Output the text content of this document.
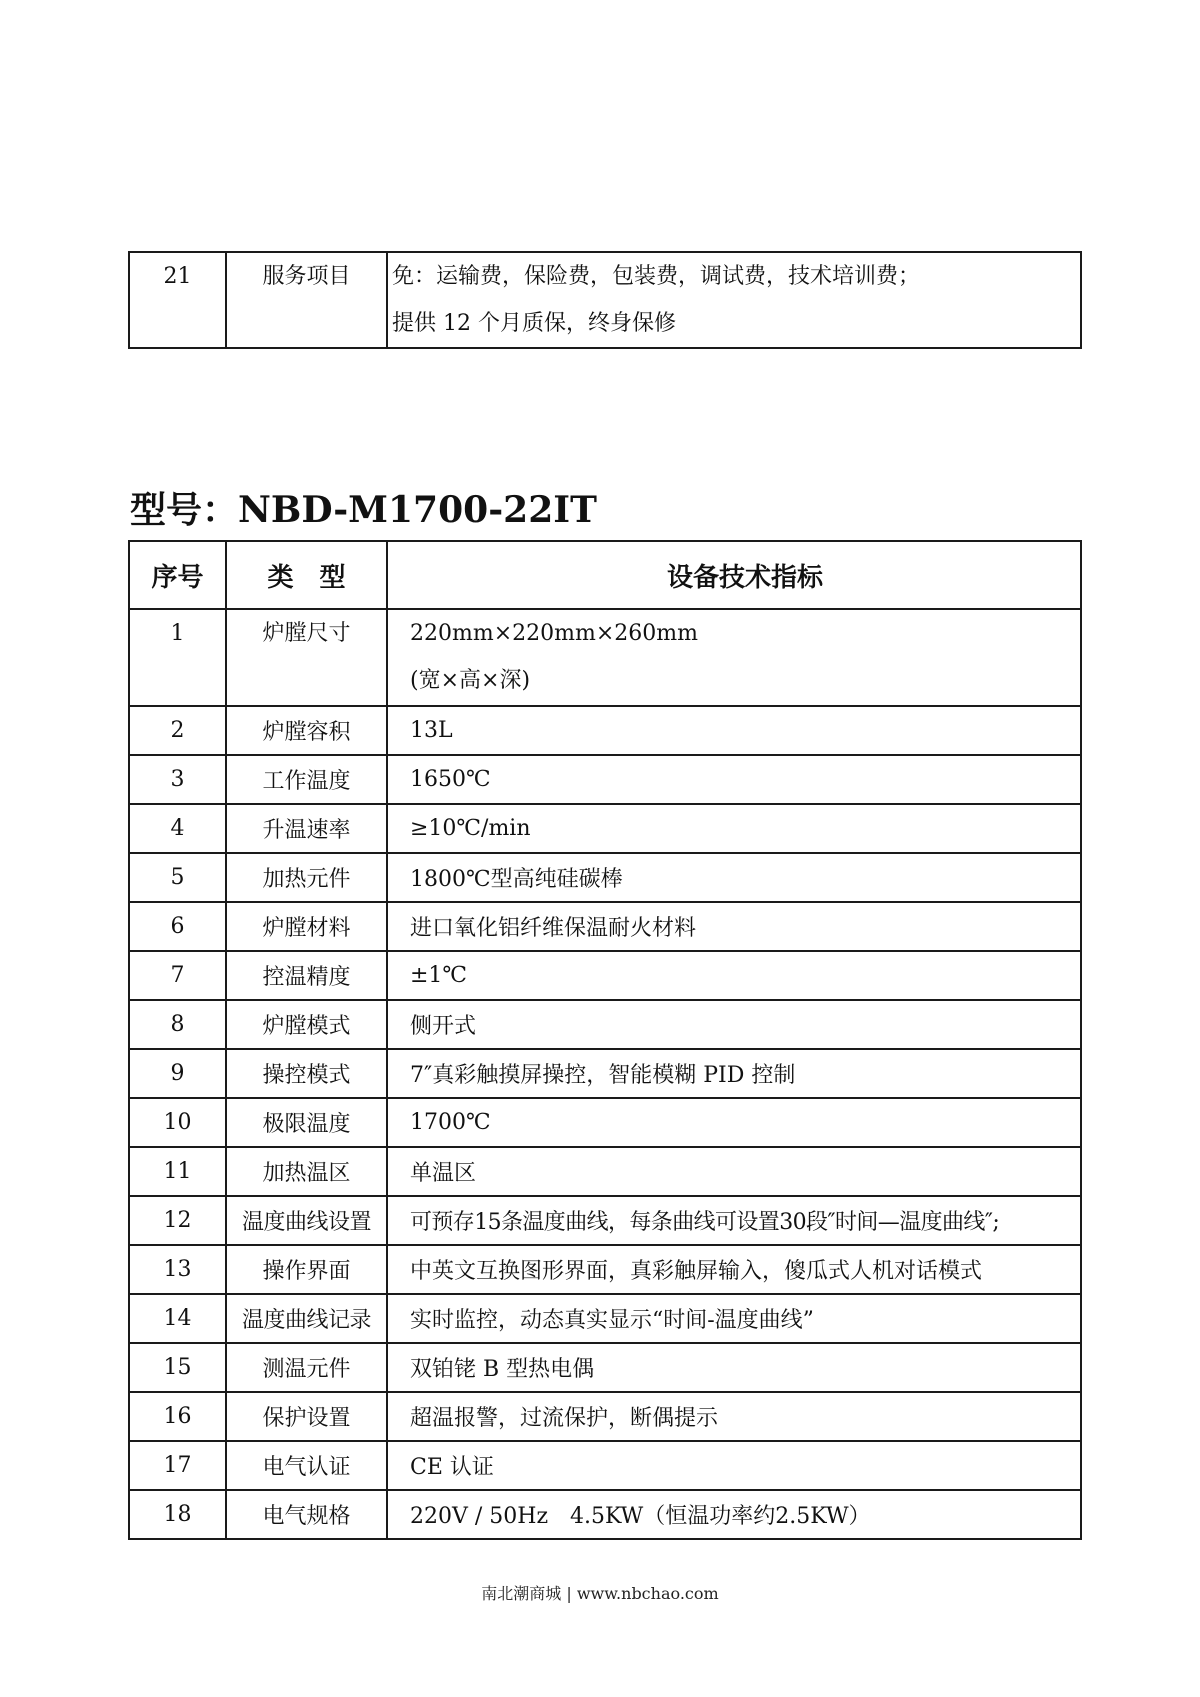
21	服务项目	免：运输费，保险费，包装费，调试费，技术培训费；
提供 12 个月质保，终身保修
型号：NBD-M1700-22IT
序号	类　型	设备技术指标

1	炉膛尺寸	220mm×220mm×260mm
(宽×高×深)

2	炉膛容积	13L
3	工作温度	1650℃
4	升温速率	≥10℃/min
5	加热元件	1800℃型高纯硅碳棒
6	炉膛材料	进口氧化铝纤维保温耐火材料
7	控温精度	±1℃
8	炉膛模式	侧开式
9	操控模式	7″真彩触摸屏操控，智能模糊 PID 控制
10	极限温度	1700℃
11	加热温区	单温区
12	温度曲线设置	可预存15条温度曲线，每条曲线可设置30段″时间—温度曲线″;
13	操作界面	中英文互换图形界面，真彩触屏输入，傻瓜式人机对话模式
14	温度曲线记录	实时监控，动态真实显示“时间-温度曲线”
15	测温元件	双铂铑 B 型热电偶
16	保护设置	超温报警，过流保护，断偶提示
17	电气认证	CE 认证
18	电气规格	220V / 50Hz　4.5KW（恒温功率约2.5KW）
南北潮商城 | www.nbchao.com
